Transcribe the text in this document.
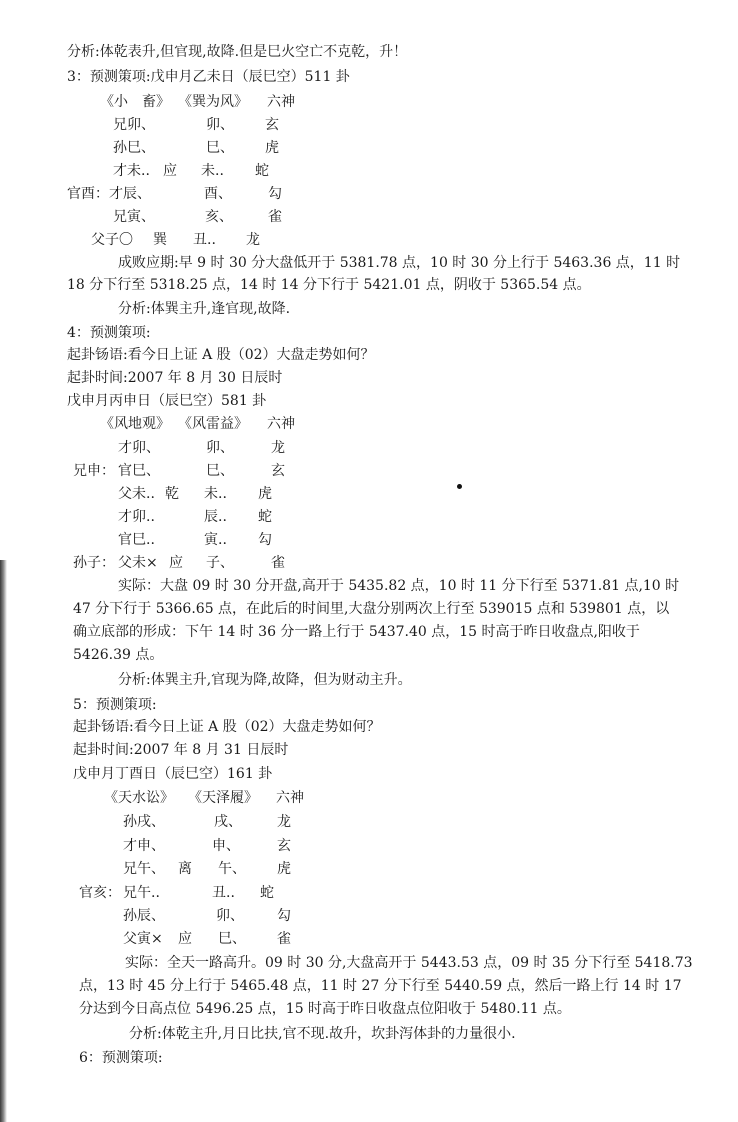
分析:体乾表升,但官现,故降.但是巳火空亡不克乾，升！
3：预测策项:戊申月乙未日（辰巳空）511 卦
《小　畜》 《巽为风》 六神
兄卯、	卯、 玄
孙巳、	巳、 虎
才未.. 应 未.. 蛇
官酉： 才辰、	酉、	勾
兄寅、	亥、	雀
父子〇 巽 丑.. 龙
成败应期:早 9 时 30 分大盘低开于 5381.78 点，10 时 30 分上行于 5463.36 点，11 时
18 分下行至 5318.25 点，14 时 14 分下行于 5421.01 点，阴收于 5365.54 点。
分析:体巽主升,逢官现,故降.
4：预测策项:
起卦钖语:看今日上证 A 股（02）大盘走势如何？
起卦时间:2007 年 8 月 30 日辰时
戊申月丙申日（辰巳空）581 卦
《风地观》 《风雷益》 六神
才卯、	卯、	龙
兄申： 官巳、	巳、	玄
父未.. 乾 未.. 虎
才卯..	辰.. 蛇
官巳..	寅.. 勾
孙子： 父未× 应 子、	雀
实际：大盘 09 时 30 分开盘,高开于 5435.82 点，10 时 11 分下行至 5371.81 点,10 时
47 分下行于 5366.65 点，在此后的时间里,大盘分别两次上行至 539015 点和 539801 点，以
确立底部的形成：下午 14 时 36 分一路上行于 5437.40 点，15 时高于昨日收盘点,阳收于
5426.39 点。
分析:体巽主升,官现为降,故降，但为财动主升。
5：预测策项:
起卦钖语:看今日上证 A 股（02）大盘走势如何？
起卦时间:2007 年 8 月 31 日辰时
戊申月丁酉日（辰巳空）161 卦
《天水讼》 《天泽履》 六神
孙戌、	戌、	龙
才申、	申、	玄
兄午、 离 午、 虎
官亥： 兄午..	丑.. 蛇
孙辰、	卯、 勾
父寅× 应 巳、 雀
实际：全天一路高升。09 时 30 分,大盘高开于 5443.53 点，09 时 35 分下行至 5418.73
点，13 时 45 分上行于 5465.48 点，11 时 27 分下行至 5440.59 点，然后一路上行 14 时 17
分达到今日高点位 5496.25 点，15 时高于昨日收盘点位阳收于 5480.11 点。
分析:体乾主升,月日比扶,官不现.故升，坎卦泻体卦的力量很小.
6：预测策项:
